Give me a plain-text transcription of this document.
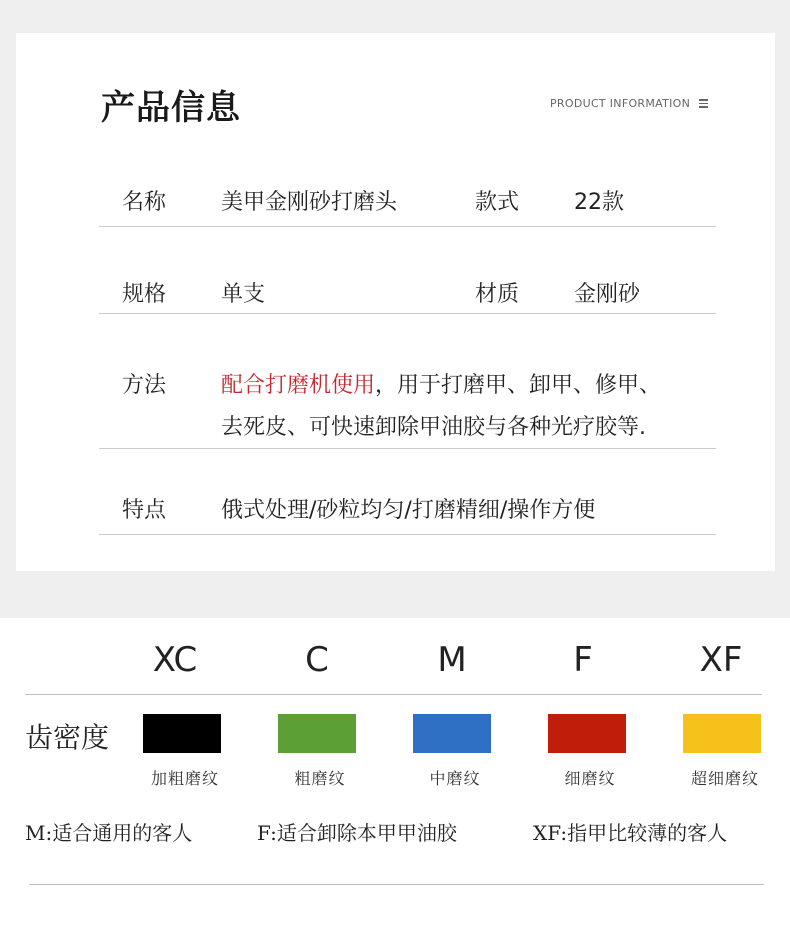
产品信息	PRODUCT INFORMATION
名称 美甲金刚砂打磨头	款式 22款
规格 单支	材质 金刚砂
方法 配合打磨机使用，用于打磨甲、卸甲、修甲、
去死皮、可快速卸除甲油胶与各种光疗胶等.
特点 俄式处理/砂粒均匀/打磨精细/操作方便
XC	C	M	F	XF
齿密度
加粗磨纹	粗磨纹	中磨纹	细磨纹	超细磨纹
M:适合通用的客人	F:适合卸除本甲甲油胶	XF:指甲比较薄的客人
